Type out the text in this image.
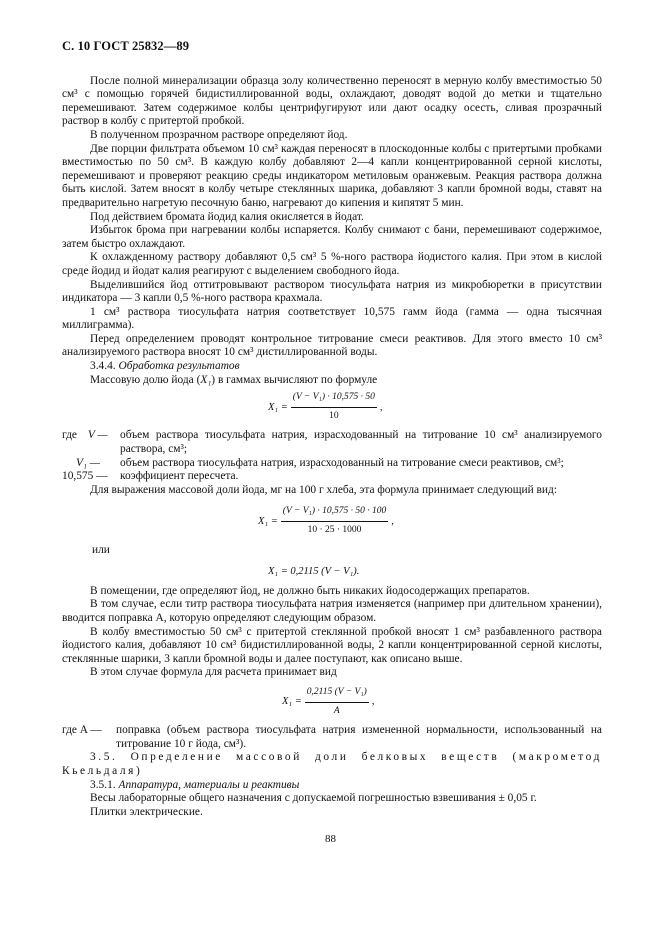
С. 10 ГОСТ 25832—89

После полной минерализации образца золу количественно переносят в мерную колбу вместимостью 50 см³ с помощью горячей бидистиллированной воды, охлаждают, доводят водой до метки и тщательно перемешивают. Затем содержимое колбы центрифугируют или дают осадку осесть, сливая прозрачный раствор в колбу с притертой пробкой.

В полученном прозрачном растворе определяют йод.

Две порции фильтрата объемом 10 см³ каждая переносят в плоскодонные колбы с притертыми пробками вместимостью по 50 см³. В каждую колбу добавляют 2—4 капли концентрированной серной кислоты, перемешивают и проверяют реакцию среды индикатором метиловым оранжевым. Реакция раствора должна быть кислой. Затем вносят в колбу четыре стеклянных шарика, добавляют 3 капли бромной воды, ставят на предварительно нагретую песочную баню, нагревают до кипения и кипятят 5 мин.

Под действием бромата йодид калия окисляется в йодат.

Избыток брома при нагревании колбы испаряется. Колбу снимают с бани, перемешивают содержимое, затем быстро охлаждают.

К охлажденному раствору добавляют 0,5 см³ 5 %-ного раствора йодистого калия. При этом в кислой среде йодид и йодат калия реагируют с выделением свободного йода.

Выделившийся йод оттитровывают раствором тиосульфата натрия из микробюретки в присутствии индикатора — 3 капли 0,5 %-ного раствора крахмала.

1 см³ раствора тиосульфата натрия соответствует 10,575 гамм йода (гамма — одна тысячная миллиграмма).

Перед определением проводят контрольное титрование смеси реактивов. Для этого вместо 10 см³ анализируемого раствора вносят 10 см³ дистиллированной воды.

3.4.4. Обработка результатов

Массовую долю йода (X₁) в гаммах вычисляют по формуле

$X_1 = \frac{\text{(V − V₁) · 10,575 · 50}}{10}$ ,
где V —	объем раствора тиосульфата натрия, израсходованный на титрование 10 см³ анализируемого раствора, см³;
V₁ —	объем раствора тиосульфата натрия, израсходованный на титрование смеси реактивов, см³;
10,575 —	коэффициент пересчета.

Для выражения массовой доли йода, мг на 100 г хлеба, эта формула принимает следующий вид:

$X_1 = \frac{\text{(V − V₁) · 10,575 · 50 · 100}}{10 \cdot 25 \cdot 1000}$ ,

или

X₁ = 0,2115 (V − V₁).

В помещении, где определяют йод, не должно быть никаких йодосодержащих препаратов.

В том случае, если титр раствора тиосульфата натрия изменяется (например при длительном хранении), вводится поправка A, которую определяют следующим образом.

В колбу вместимостью 50 см³ с притертой стеклянной пробкой вносят 1 см³ разбавленного раствора йодистого калия, добавляют 10 см³ бидистиллированной воды, 2 капли концентрированной серной кислоты, стеклянные шарики, 3 капли бромной воды и далее поступают, как описано выше.

В этом случае формула для расчета принимает вид

$X_1 = \frac{\text{0,2115 (V − V₁)}}{A}$ ,
где A —	поправка (объем раствора тиосульфата натрия измененной нормальности, использованный на титрование 10 г йода, см³).

3.5. Определение массовой доли белковых веществ (макрометод Кьельдаля)

3.5.1. Аппаратура, материалы и реактивы

Весы лабораторные общего назначения с допускаемой погрешностью взвешивания ± 0,05 г.

Плитки электрические.

88
